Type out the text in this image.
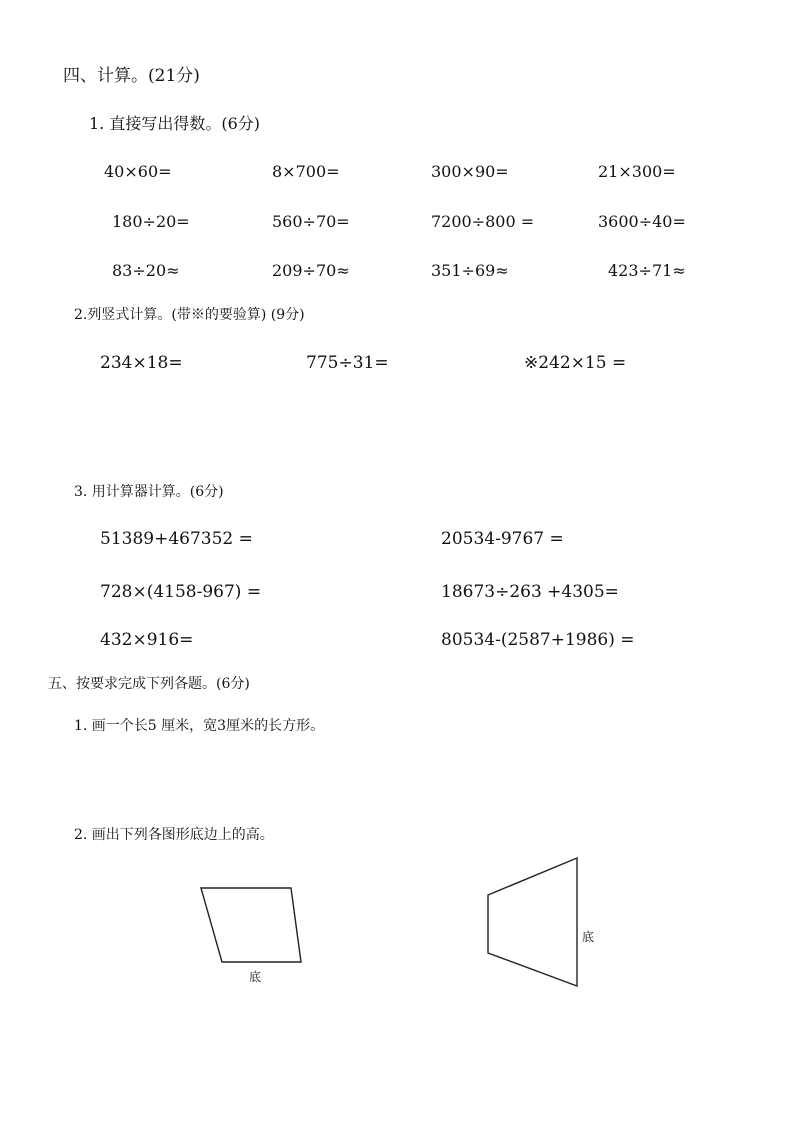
四、计算。(21分)
1. 直接写出得数。(6分)
40×60=	8×700=	300×90=	21×300=
180÷20=	560÷70=	7200÷800 =	3600÷40=
83÷20≈	209÷70≈	351÷69≈	423÷71≈
2.列竖式计算。(带※的要验算) (9分)
234×18=	775÷31=	※242×15 =
3. 用计算器计算。(6分)
51389+467352 =	20534-9767 =
728×(4158-967) =	18673÷263 +4305=
432×916=	80534-(2587+1986) =
五、按要求完成下列各题。(6分)
1. 画一个长5 厘米，宽3厘米的长方形。
2. 画出下列各图形底边上的高。
底
底
